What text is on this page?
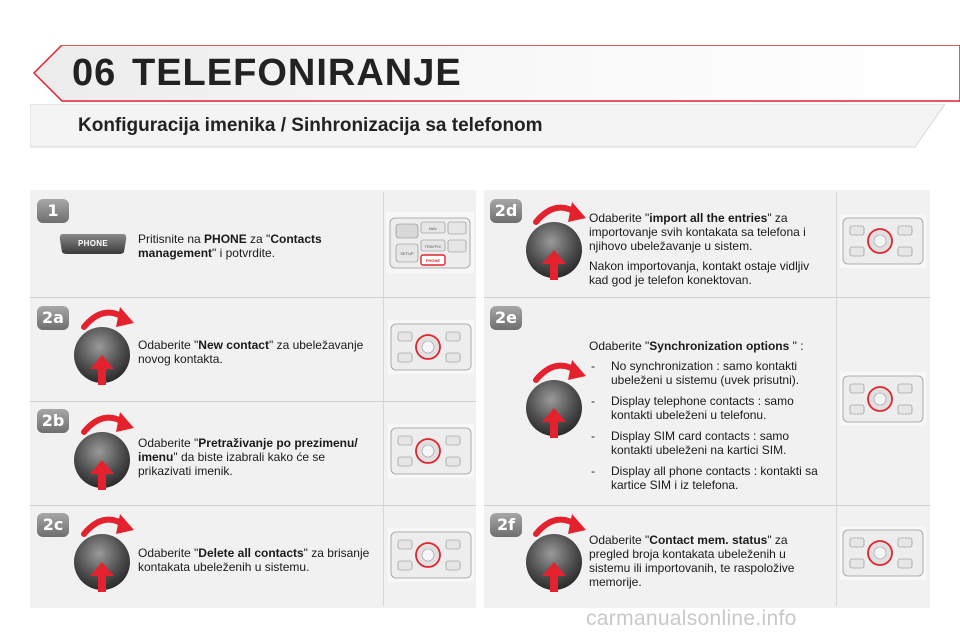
06 TELEFONIRANJE
Konfiguracija imenika / Sinhronizacija sa telefonom
1
PHONE	Pritisnite na PHONE za "Contacts management" i potvrdite.
NAV
TRAFFIC
SETUP
PHONE
2a
Odaberite "New contact" za ubeležavanje novog kontakta.
2b
Odaberite "Pretraživanje po prezimenu/ imenu" da biste izabrali kako će se prikazivati imenik.
2c
Odaberite "Delete all contacts" za brisanje kontakata ubeleženih u sistemu.
2d	Odaberite "import all the entries" za importovanje svih kontakata sa telefona i njihovo ubeležavanje u sistem.

Nakon importovanja, kontakt ostaje vidljiv kad god je telefon konektovan.

2e

Odaberite "Synchronization options " :

- No synchronization : samo kontakti ubeleženi u sistemu (uvek prisutni).
- Display telephone contacts : samo kontakti ubeleženi u telefonu.
- Display SIM card contacts : samo kontakti ubeleženi na kartici SIM.
- Display all phone contacts : kontakti sa kartice SIM i iz telefona.
2f
Odaberite "Contact mem. status" za pregled broja kontakata ubeleženih u sistemu ili importovanih, te raspoložive memorije.
carmanualsonline.info
